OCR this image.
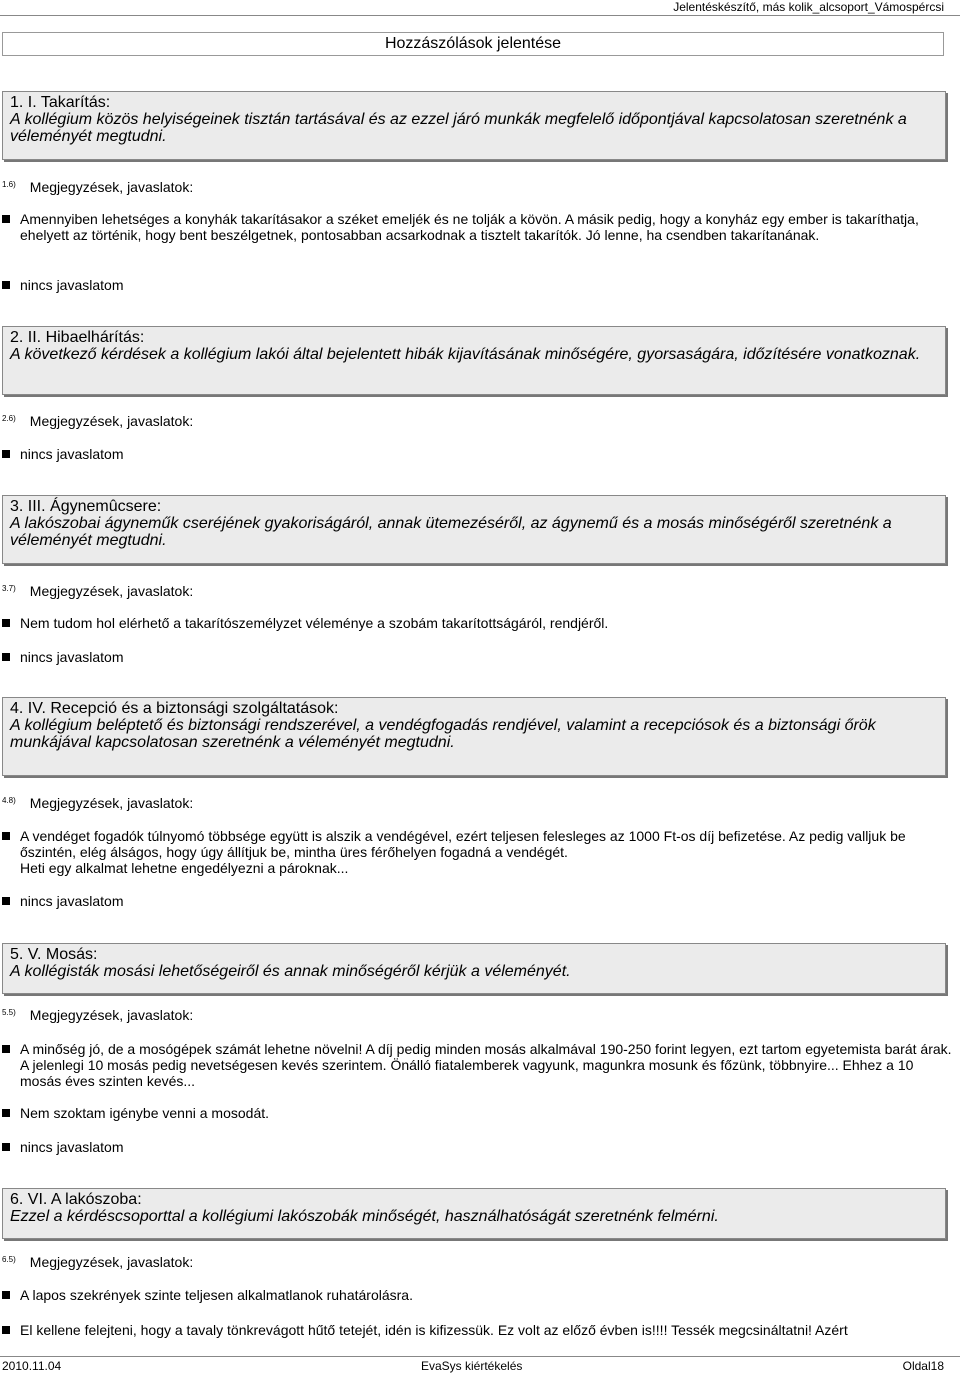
Jelentéskészítő, más kolik_alcsoport_Vámospércsi
Hozzászólások jelentése
1. I. Takarítás:
A kollégium közös helyiségeinek tisztán tartásával és az ezzel járó munkák megfelelő időpontjával kapcsolatosan szeretnénk a véleményét megtudni.
$^{1.6)}$ Megjegyzések, javaslatok:
Amennyiben lehetséges a konyhák takarításakor a széket emeljék és ne tolják a kövön. A másik pedig, hogy a konyház egy ember is takaríthatja, ehelyett az történik, hogy bent beszélgetnek, pontosabban acsarkodnak a tisztelt takarítók. Jó lenne, ha csendben takarítanának.
nincs javaslatom
2. II. Hibaelhárítás:
A következő kérdések a kollégium lakói által bejelentett hibák kijavításának minőségére, gyorsaságára, időzítésére vonatkoznak.
$^{2.6)}$ Megjegyzések, javaslatok:
nincs javaslatom
3. III. Ágynemûcsere:
A lakószobai ágyneműk cseréjének gyakoriságáról, annak ütemezéséről, az ágynemű és a mosás minőségéről szeretnénk a véleményét megtudni.
$^{3.7)}$ Megjegyzések, javaslatok:
Nem tudom hol elérhető a takarítószemélyzet véleménye a szobám takarítottságáról, rendjéről.
nincs javaslatom
4. IV. Recepció és a biztonsági szolgáltatások:
A kollégium beléptető és biztonsági rendszerével, a vendégfogadás rendjével, valamint a recepciósok és a biztonsági őrök munkájával kapcsolatosan szeretnénk a véleményét megtudni.
$^{4.8)}$ Megjegyzések, javaslatok:
A vendéget fogadók túlnyomó többsége együtt is alszik a vendégével, ezért teljesen felesleges az 1000 Ft-os díj befizetése. Az pedig valljuk be őszintén, elég álságos, hogy úgy állítjuk be, mintha üres férőhelyen fogadná a vendégét.
Heti egy alkalmat lehetne engedélyezni a pároknak...
nincs javaslatom
5. V. Mosás:
A kollégisták mosási lehetőségeiről és annak minőségéről kérjük a véleményét.
$^{5.5)}$ Megjegyzések, javaslatok:
A minőség jó, de a mosógépek számát lehetne növelni! A díj pedig minden mosás alkalmával 190-250 forint legyen, ezt tartom egyetemista barát árak. A jelenlegi 10 mosás pedig nevetségesen kevés szerintem. Önálló fiatalemberek vagyunk, magunkra mosunk és főzünk, többnyire... Ehhez a 10 mosás éves szinten kevés...
Nem szoktam igénybe venni a mosodát.
nincs javaslatom
6. VI. A lakószoba:
Ezzel a kérdéscsoporttal a kollégiumi lakószobák minőségét, használhatóságát szeretnénk felmérni.
$^{6.5)}$ Megjegyzések, javaslatok:
A lapos szekrények szinte teljesen alkalmatlanok ruhatárolásra.
El kellene felejteni, hogy a tavaly tönkrevágott hűtő tetejét, idén is kifizessük. Ez volt az előző évben is!!!! Tessék megcsináltatni! Azért
2010.11.04	EvaSys kiértékelés	Oldal18
